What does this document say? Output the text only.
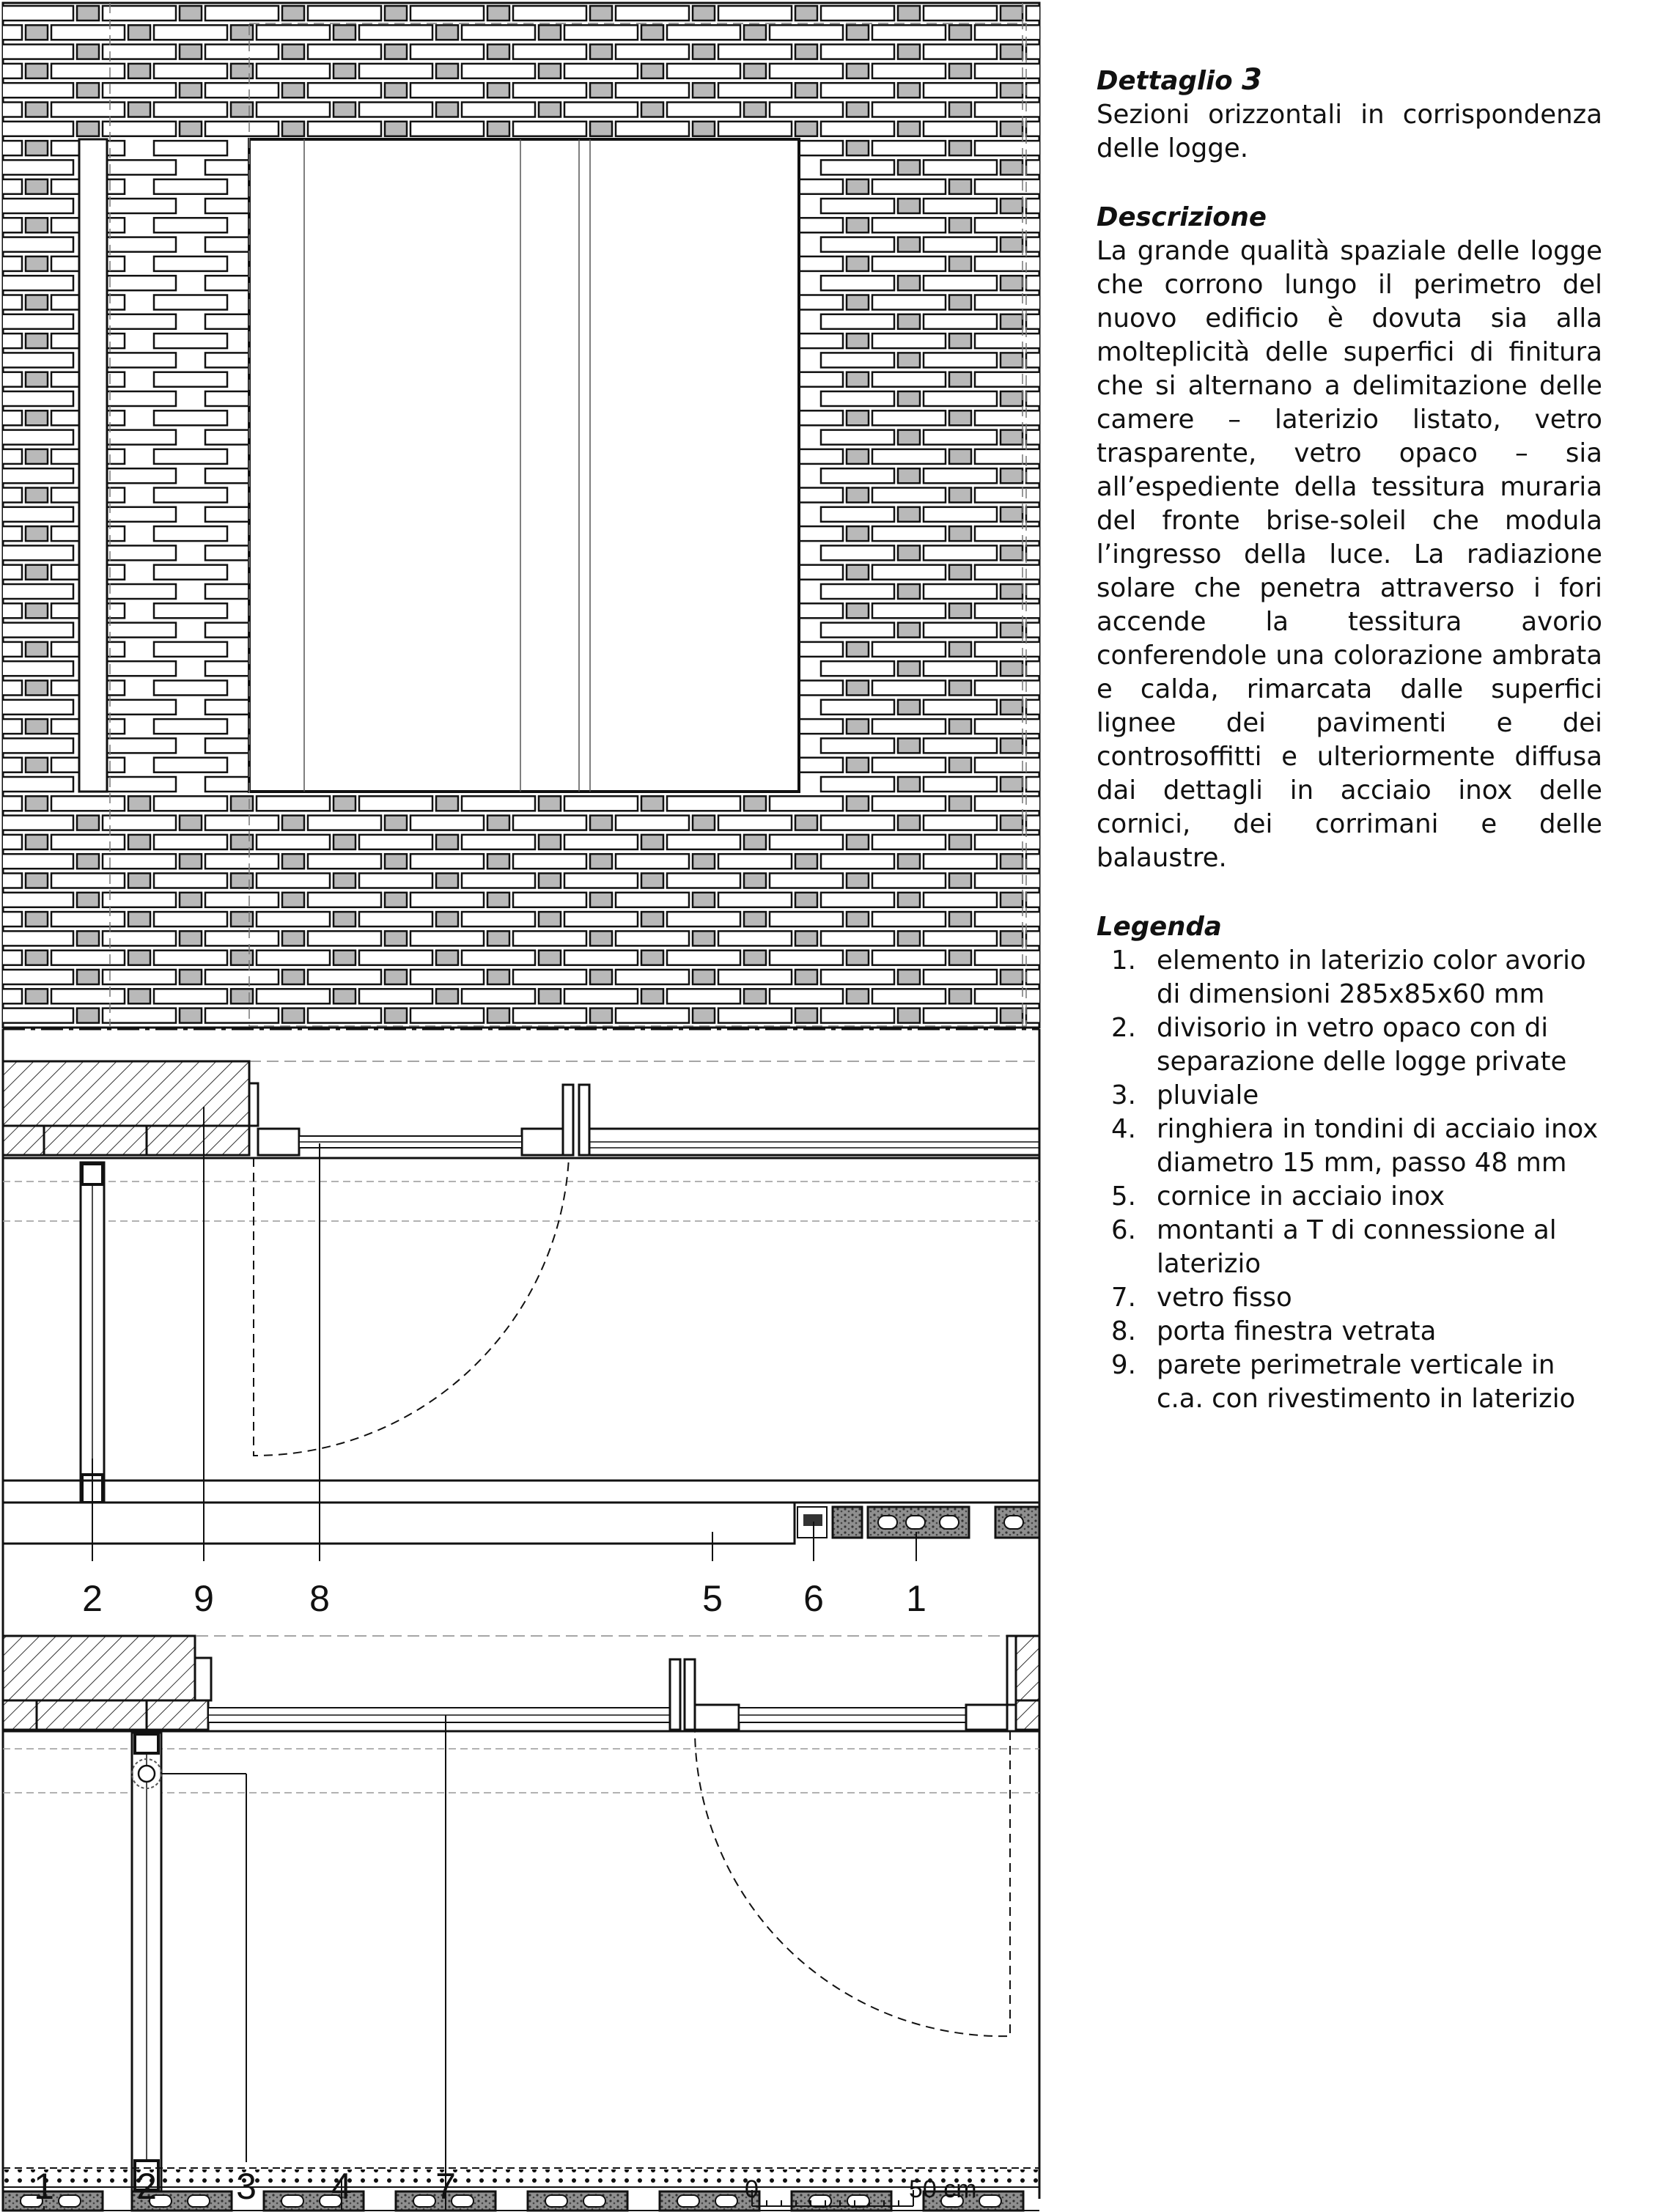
2 9	8	5 6 1
1 2 3 4 7	0	50 cm

Dettaglio 3

Sezioni orizzontali in corrispondenza delle logge.

Descrizione

La grande qualità spaziale delle logge che corrono lungo il perimetro del nuovo edificio è dovuta sia alla molteplicità delle superfici di finitura che si alternano a delimitazione delle camere – laterizio listato, vetro trasparente, vetro opaco – sia all’espediente della tessitura muraria del fronte brise-soleil che modula l’ingresso della luce. La radiazione solare che penetra attraverso i fori accende la tessitura avorio conferendole una colorazione ambrata e calda, rimarcata dalle superfici lignee dei pavimenti e dei controsoffitti e ulteriormente diffusa dai dettagli in acciaio inox delle cornici, dei corrimani e delle balaustre.

Legenda

1. elemento in laterizio color avorio di dimensioni 285x85x60 mm
2. divisorio in vetro opaco con di separazione delle logge private
3. pluviale
4. ringhiera in tondini di acciaio inox diametro 15 mm, passo 48 mm
5. cornice in acciaio inox
6. montanti a T di connessione al laterizio
7. vetro fisso
8. porta finestra vetrata
9. parete perimetrale verticale in c.a. con rivestimento in laterizio
